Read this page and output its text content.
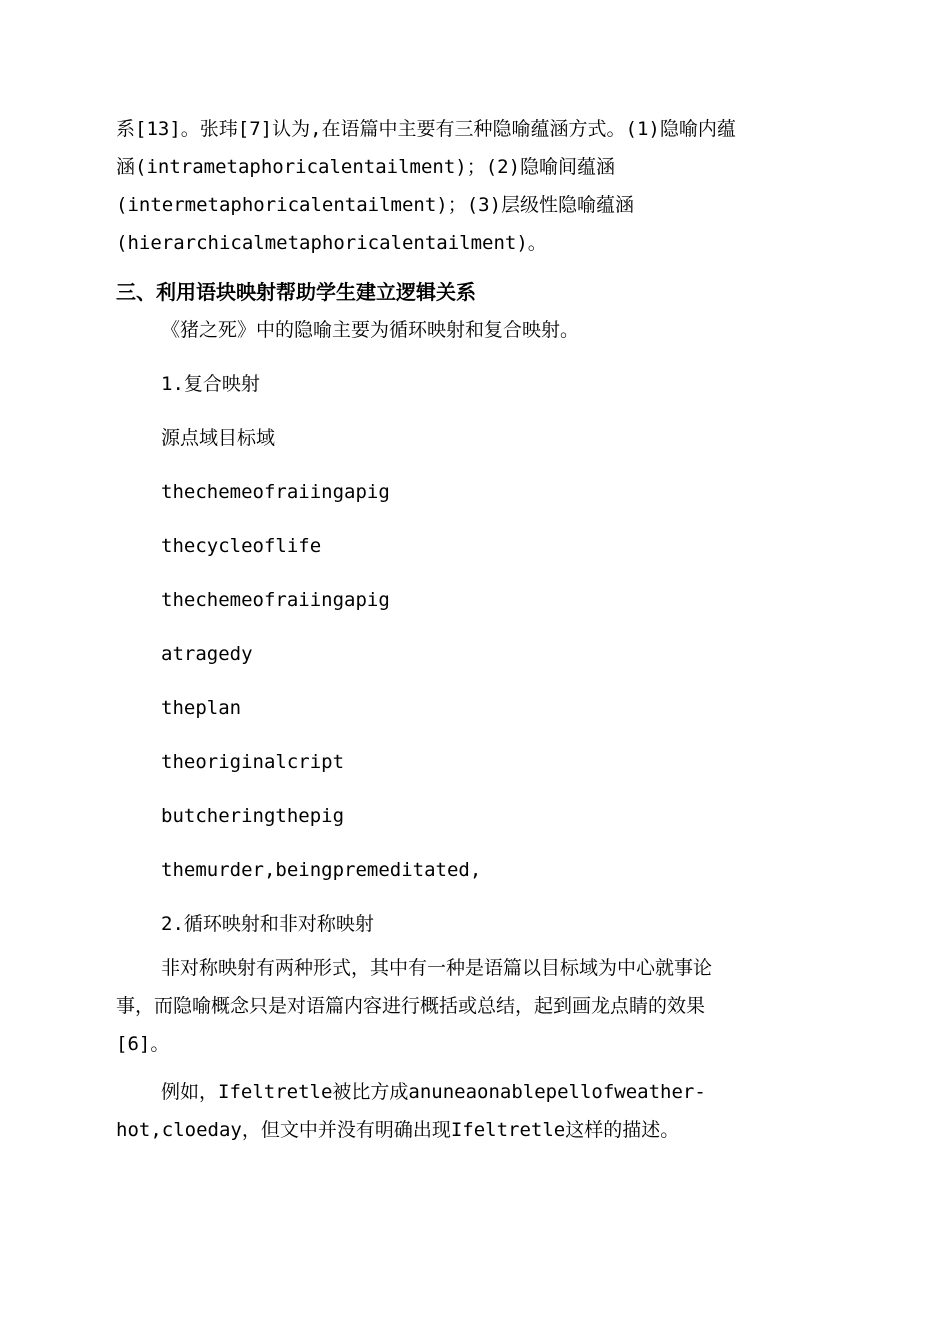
系[13]。张玮[7]认为,在语篇中主要有三种隐喻蕴涵方式。(1)隐喻内蕴
涵(intrametaphoricalentailment)；(2)隐喻间蕴涵
(intermetaphoricalentailment)；(3)层级性隐喻蕴涵
(hierarchicalmetaphoricalentailment)。
三、利用语块映射帮助学生建立逻辑关系
《猪之死》中的隐喻主要为循环映射和复合映射。
1.复合映射
源点域目标域
thechemeofraiingapig
thecycleoflife
thechemeofraiingapig
atragedy
theplan
theoriginalcript
butcheringthepig
themurder,beingpremeditated,
2.循环映射和非对称映射
非对称映射有两种形式，其中有一种是语篇以目标域为中心就事论
事，而隐喻概念只是对语篇内容进行概括或总结，起到画龙点睛的效果
[6]。
例如，Ifeltretle被比方成anuneaonablepellofweather-
hot,cloeday，但文中并没有明确出现Ifeltretle这样的描述。
